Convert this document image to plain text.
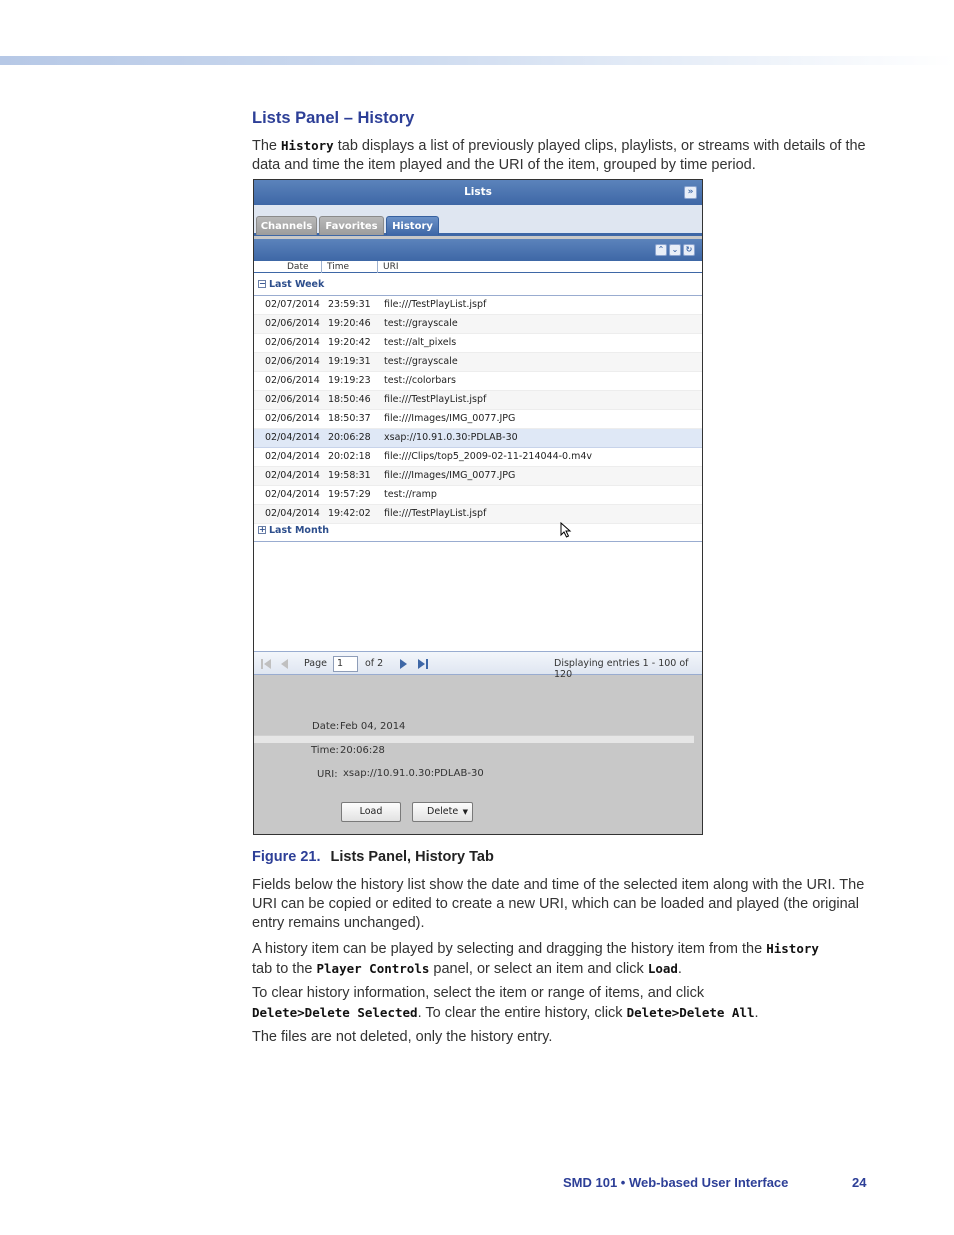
Lists Panel – History
The History tab displays a list of previously played clips, playlists, or streams with details of the data and time the item played and the URI of the item, grouped by time period.
Lists	»
Channels	Favorites	History
⌃ ⌄ ↻
Date	Time	URI
− Last Week
02/07/2014 23:59:31 file:///TestPlayList.jspf
02/06/2014 19:20:46 test://grayscale
02/06/2014 19:20:42 test://alt_pixels
02/06/2014 19:19:31 test://grayscale
02/06/2014 19:19:23 test://colorbars
02/06/2014 18:50:46 file:///TestPlayList.jspf
02/06/2014 18:50:37 file:///Images/IMG_0077.JPG
02/04/2014 20:06:28 xsap://10.91.0.30:PDLAB-30
02/04/2014 20:02:18 file:///Clips/top5_2009-02-11-214044-0.m4v
02/04/2014 19:58:31 file:///Images/IMG_0077.JPG
02/04/2014 19:57:29 test://ramp
02/04/2014 19:42:02 file:///TestPlayList.jspf
+ Last Month
Page	1	of 2	Displaying entries 1 - 100 of 120
Date: Feb 04, 2014
Time: 20:06:28
URI: xsap://10.91.0.30:PDLAB-30
Load	Delete ▼
Figure 21. Lists Panel, History Tab
Fields below the history list show the date and time of the selected item along with the URI. The URI can be copied or edited to create a new URI, which can be loaded and played (the original entry remains unchanged).
A history item can be played by selecting and dragging the history item from the History
tab to the Player Controls panel, or select an item and click Load.
To clear history information, select the item or range of items, and click
Delete>Delete Selected. To clear the entire history, click Delete>Delete All.
The files are not deleted, only the history entry.
SMD 101 • Web-based User Interface	24
